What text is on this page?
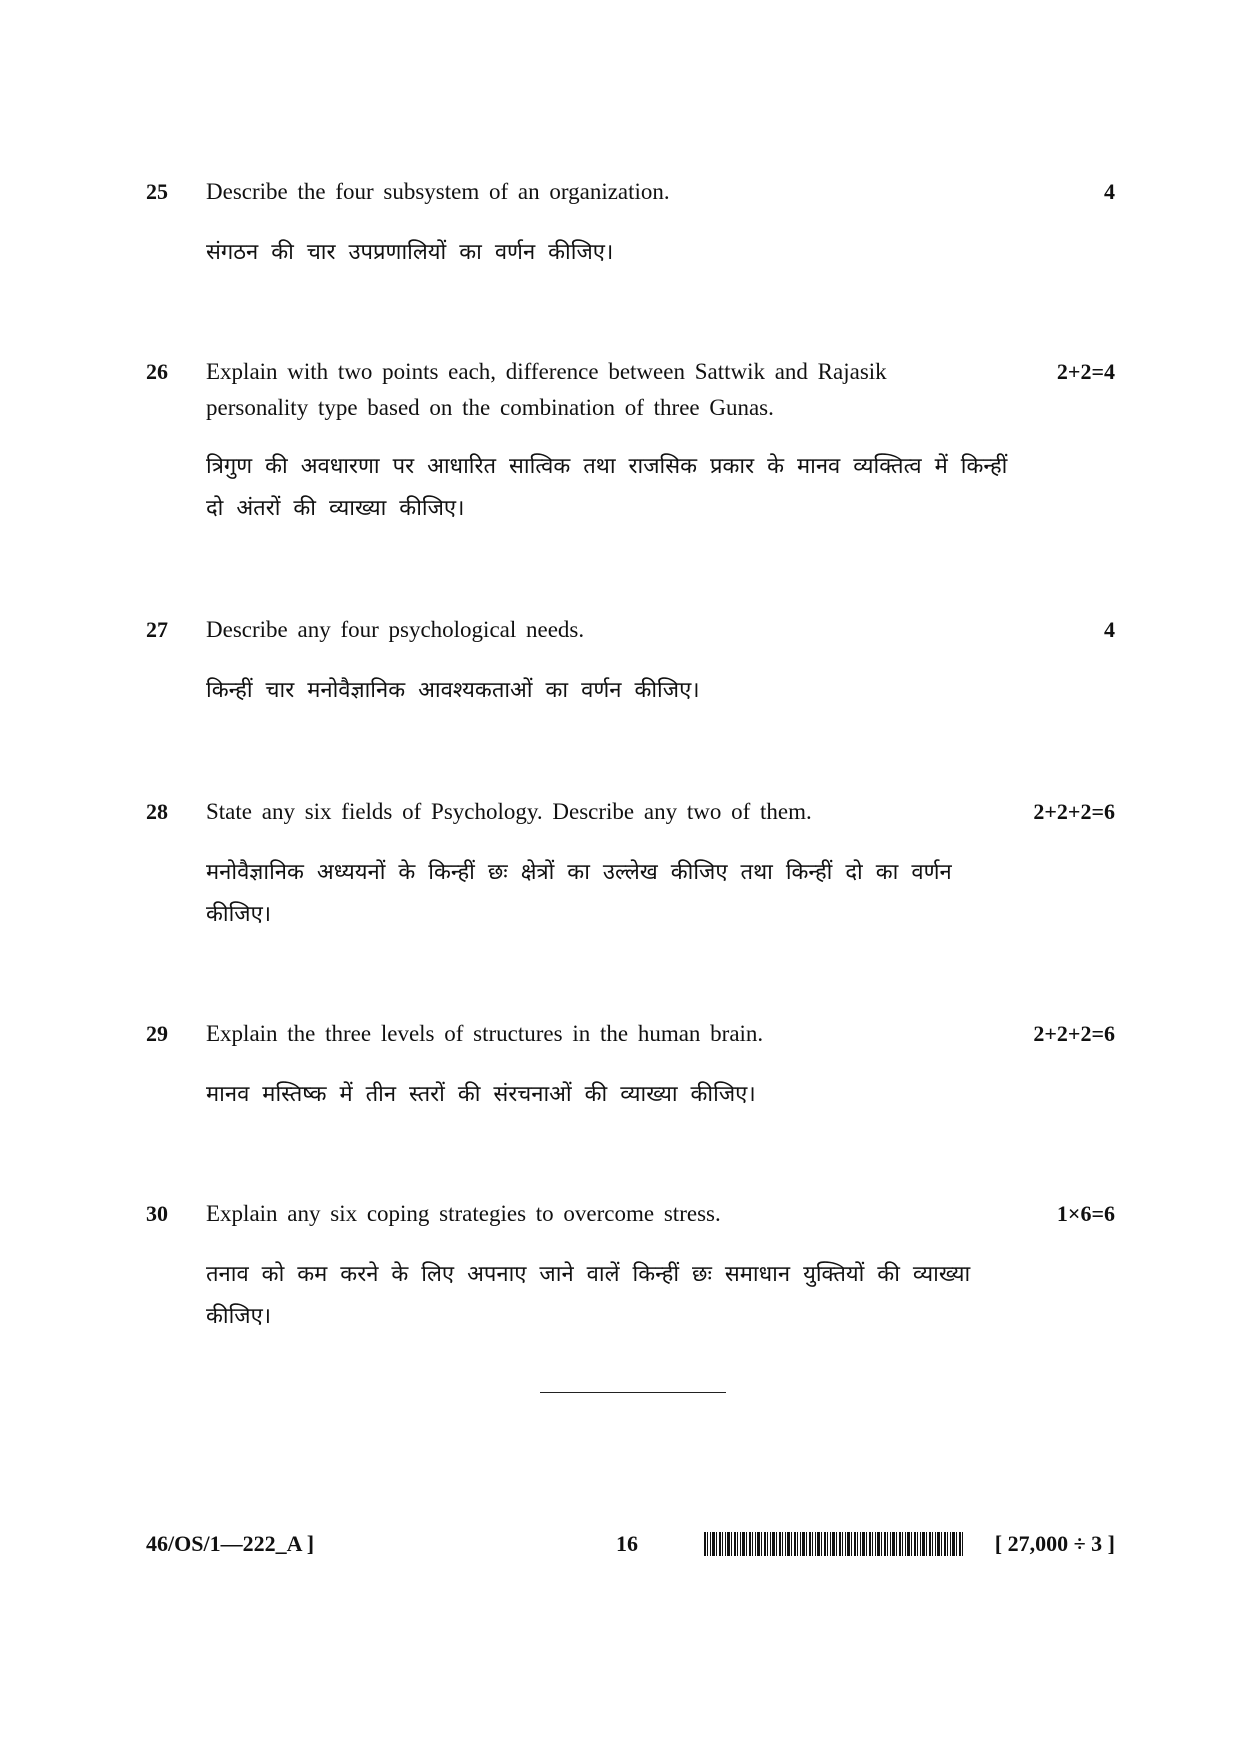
25 Describe the four subsystem of an organization.	4
संगठन की चार उपप्रणालियों का वर्णन कीजिए।
26 Explain with two points each, difference between Sattwik and Rajasik personality type based on the combination of three Gunas.
2+2=4
त्रिगुण की अवधारणा पर आधारित सात्विक तथा राजसिक प्रकार के मानव व्यक्तित्व में किन्हीं दो अंतरों की व्याख्या कीजिए।
27 Describe any four psychological needs.	4
किन्हीं चार मनोवैज्ञानिक आवश्यकताओं का वर्णन कीजिए।
28 State any six fields of Psychology. Describe any two of them.	2+2+2=6
मनोवैज्ञानिक अध्ययनों के किन्हीं छः क्षेत्रों का उल्लेख कीजिए तथा किन्हीं दो का वर्णन कीजिए।
29 Explain the three levels of structures in the human brain.	2+2+2=6
मानव मस्तिष्क में तीन स्तरों की संरचनाओं की व्याख्या कीजिए।
30 Explain any six coping strategies to overcome stress.	1×6=6
तनाव को कम करने के लिए अपनाए जाने वालें किन्हीं छः समाधान युक्तियों की व्याख्या कीजिए।
46/OS/1—222_A ]	16	[ 27,000 ÷ 3 ]
